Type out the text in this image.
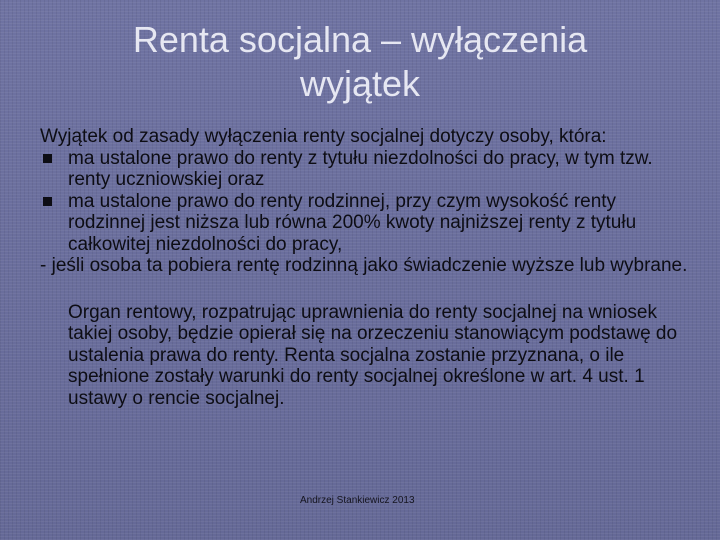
Renta socjalna – wyłączenia
wyjątek

Wyjątek od zasady wyłączenia renty socjalnej dotyczy osoby, która:

ma ustalone prawo do renty z tytułu niezdolności do pracy, w tym tzw. renty uczniowskiej oraz
ma ustalone prawo do renty rodzinnej, przy czym wysokość renty rodzinnej jest niższa lub równa 200% kwoty najniższej renty z tytułu całkowitej niezdolności do pracy,

- jeśli osoba ta pobiera rentę rodzinną jako świadczenie wyższe lub wybrane.

Organ rentowy, rozpatrując uprawnienia do renty socjalnej na wniosek takiej osoby, będzie opierał się na orzeczeniu stanowiącym podstawę do ustalenia prawa do renty. Renta socjalna zostanie przyznana, o ile spełnione zostały warunki do renty socjalnej określone w art. 4 ust. 1 ustawy o rencie socjalnej.

Andrzej Stankiewicz 2013
